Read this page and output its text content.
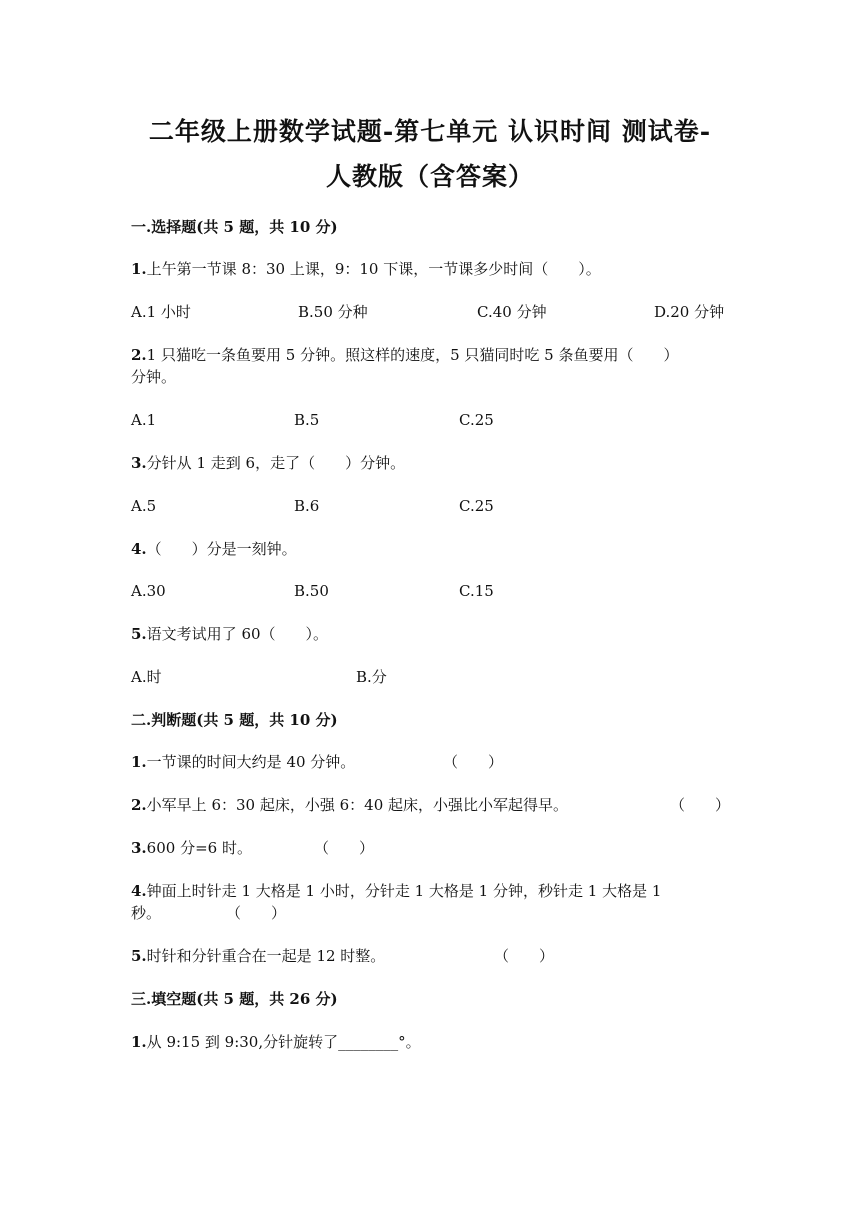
二年级上册数学试题-第七单元 认识时间 测试卷-
人教版（含答案）
一.选择题(共 5 题，共 10 分)
1.上午第一节课 8：30 上课，9：10 下课，一节课多少时间（　　）。
A.1 小时	B.50 分种	C.40 分钟	D.20 分钟
2.1 只猫吃一条鱼要用 5 分钟。照这样的速度，5 只猫同时吃 5 条鱼要用（　　）
分钟。
A.1	B.5	C.25
3.分针从 1 走到 6，走了（　　）分钟。
A.5	B.6	C.25
4.（　　）分是一刻钟。
A.30	B.50	C.15
5.语文考试用了 60（　　）。
A.时	B.分
二.判断题(共 5 题，共 10 分)
1.一节课的时间大约是 40 分钟。	（　　）
2.小军早上 6：30 起床，小强 6：40 起床，小强比小军起得早。	（　　）
3.600 分=6 时。	（　　）
4.钟面上时针走 1 大格是 1 小时，分针走 1 大格是 1 分钟，秒针走 1 大格是 1
秒。	（　　）
5.时针和分针重合在一起是 12 时整。	（　　）
三.填空题(共 5 题，共 26 分)
1.从 9:15 到 9:30,分针旋转了________°。
